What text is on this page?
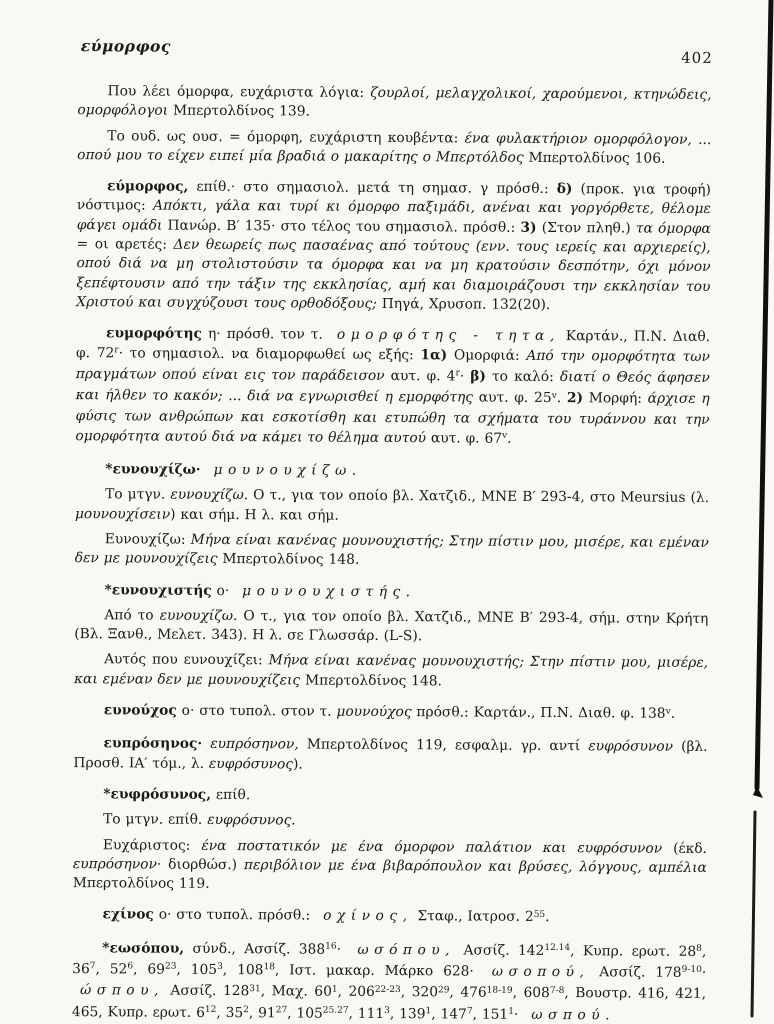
εύμορφος
402

Που λέει όμορφα, ευχάριστα λόγια: ζουρλοί, μελαγχολικοί, χαρούμενοι, κτηνώδεις, ομορφόλογοι Μπερτολδίνος 139.

Το ουδ. ως ουσ. = όμορφη, ευχάριστη κουβέντα: ένα φυλακτήριον ομορφόλογον, ... οπού μου το είχεν ειπεί μία βραδιά ο μακαρίτης ο Μπερτόλδος Μπερτολδίνος 106.

εύμορφος, επίθ.· στο σημασιολ. μετά τη σημασ. γ πρόσθ.: δ) (προκ. για τροφή) νόστιμος: Απόκτι, γάλα και τυρί κι όμορφο παξιμάδι, ανέναι και γοργόρθετε, θέλομε φάγει ομάδι Πανώρ. Β′ 135· στο τέλος του σημασιολ. πρόσθ.: 3) (Στον πληθ.) τα όμορφα = οι αρετές: Δεν θεωρείς πως πασαένας από τούτους (ενν. τους ιερείς και αρχιερείς), οπού διά να μη στολιστούσιν τα όμορφα και να μη κρατούσιν δεσπότην, όχι μόνον ξεπέφτουσιν από την τάξιν της εκκλησίας, αμή και διαμοιράζουσι την εκκλησίαν του Χριστού και συγχύζουσι τους ορθοδόξους; Πηγά, Χρυσοπ. 132(20).

ευμορφότης η· πρόσθ. τον τ. ομορφότης - τητα, Καρτάν., Π.Ν. Διαθ. φ. $72^r\cdot \tau o$ σημασιολ. να διαμορφωθεί ως εξής: 1α) Ομορφιά: Από την ομορφότητα των πραγμάτων οπού είναι εις τον παράδεισον αυτ. φ. $4^r\cdot \beta$) το καλό: διατί ο Θεός άφησεν και ήλθεν το κακόν; ... διά να εγνωρισθεί η εμορφότης αυτ. φ. 25$^v$. 2) Μορφή: άρχισε η φύσις των ανθρώπων και εσκοτίσθη και ετυπώθη τα σχήματα του τυράννου και την ομορφότητα αυτού διά να κάμει το θέλημα αυτού αυτ. φ. 67$^v$.

*ευνουχίζω· μουνουχίζω.

Το μτγν. ευνουχίζω. Ο τ., για τον οποίο βλ. Χατζιδ., ΜΝΕ Β′ 293-4, στο Meursius (λ. μουνουχίσειν) και σήμ. Η λ. και σήμ.

Ευνουχίζω: Μήνα είναι κανένας μουνουχιστής; Στην πίστιν μου, μισέρε, και εμέναν δεν με μουνουχίζεις Μπερτολδίνος 148.

*ευνουχιστής ο· μουνουχιστής.

Από το ευνουχίζω. Ο τ., για τον οποίο βλ. Χατζιδ., ΜΝΕ Β′ 293-4, σήμ. στην Κρήτη (Βλ. Ξανθ., Μελετ. 343). Η λ. σε Γλωσσάρ. (L-S).

Αυτός που ευνουχίζει: Μήνα είναι κανένας μουνουχιστής; Στην πίστιν μου, μισέρε, και εμέναν δεν με μουνουχίζεις Μπερτολδίνος 148.

ευνούχος ο· στο τυπολ. στον τ. μουνούχος πρόσθ.: Καρτάν., Π.Ν. Διαθ. φ. 138$^v$.

ευπρόσηνος· ευπρόσηνον, Μπερτολδίνος 119, εσφαλμ. γρ. αντί ευφρόσυνον (βλ. Προσθ. ΙΑ′ τόμ., λ. ευφρόσυνος).

*ευφρόσυνος, επίθ.

Το μτγν. επίθ. ευφρόσυνος.

Ευχάριστος: ένα ποστατικόν με ένα όμορφον παλάτιον και ευφρόσυνον (έκδ. ευπρόσηνον· διορθώσ.) περιβόλιον με ένα βιβαρόπουλον και βρύσες, λόγγους, αμπέλια Μπερτολδίνος 119.

εχίνος ο· στο τυπολ. πρόσθ.: οχίνος, Σταφ., Ιατροσ. $2^{55}$.

*εωσόπου, σύνδ., Ασσίζ. $388^{16}\cdot \omega\sigma ό\pi o\upsilon$, Ασσίζ. $142^{12.14}$, Κυπρ. ερωτ. $28^8$, $36^7$, $52^6$, $69^{23}$, $105^3$, $108^{18}$, Ιστ. μακαρ. Μάρκο 628· ωσοπού, Ασσίζ. $178^{9-10}\cdot ώ\sigma\pi o\upsilon$, Ασσίζ. $128^{31}$, Μαχ. $60^1$, 206$^{22-23}$, $320^{29}$, 476$^{18-19}$, 608$^{7-8}$, Βουστρ. 416, 421, 465, Κυπρ. ερωτ. $6^{12}$, $35^2$, $91^{27}$, $105^{25.27}$, $111^3$, $139^1$, $147^7$, $151^1\cdot \omega\sigma\pi oύ$.
